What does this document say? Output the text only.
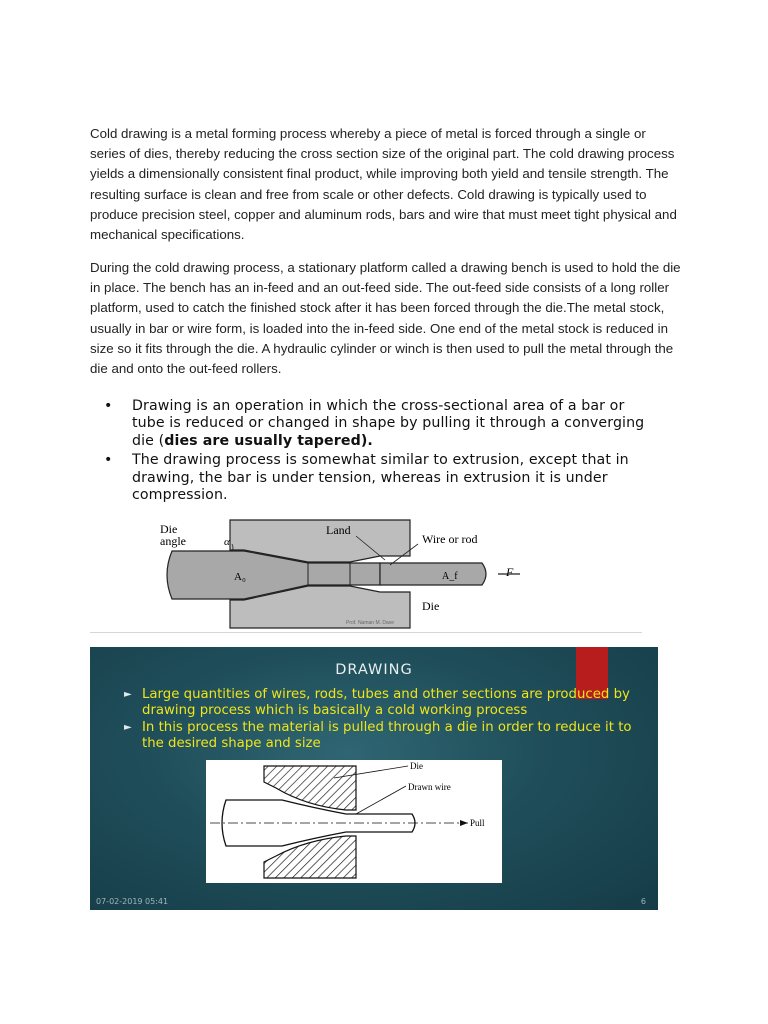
Cold drawing is a metal forming process whereby a piece of metal is forced through a single or series of dies, thereby reducing the cross section size of the original part. The cold drawing process yields a dimensionally consistent final product, while improving both yield and tensile strength. The resulting surface is clean and free from scale or other defects. Cold drawing is typically used to produce precision steel, copper and aluminum rods, bars and wire that must meet tight physical and mechanical specifications.

During the cold drawing process, a stationary platform called a drawing bench is used to hold the die in place. The bench has an in-feed and an out-feed side. The out-feed side consists of a long roller platform, used to catch the finished stock after it has been forced through the die.The metal stock, usually in bar or wire form, is loaded into the in-feed side. One end of the metal stock is reduced in size so it fits through the die. A hydraulic cylinder or winch is then used to pull the metal through the die and onto the out-feed rollers.

• Drawing is an operation in which the cross-sectional area of a bar or tube is reduced or changed in shape by pulling it through a converging die (dies are usually tapered).
• The drawing process is somewhat similar to extrusion, except that in drawing, the bar is under tension, whereas in extrusion it is under compression.
Die
angle	α
Land
Wire or rod
A₀	A_f	F
Die
Prof. Naman M. Dave
DRAWING
► Large quantities of wires, rods, tubes and other sections are produced by drawing process which is basically a cold working process
► In this process the material is pulled through a die in order to reduce it to the desired shape and size
Die
Drawn wire
Pull
07-02-2019 05:41	6
